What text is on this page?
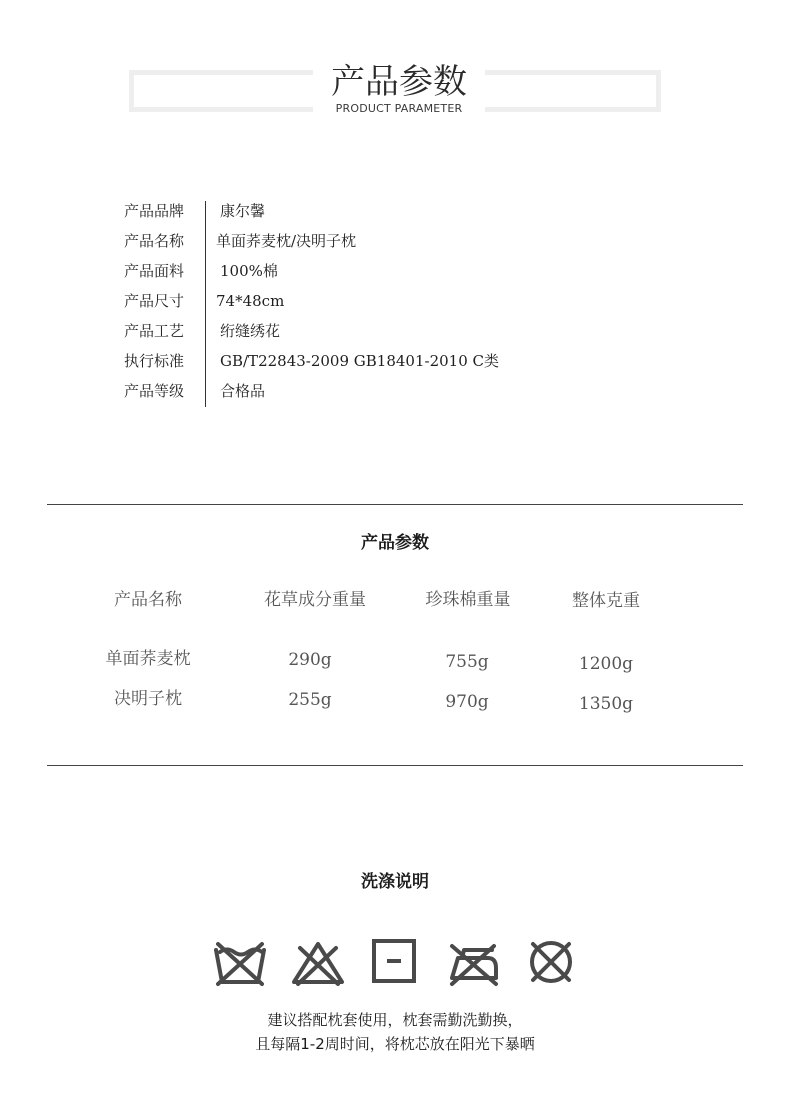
产品参数
PRODUCT PARAMETER
产品品牌 康尔馨
产品名称 单面荞麦枕/决明子枕
产品面料 100%棉
产品尺寸 74*48cm
产品工艺 绗缝绣花
执行标准 GB/T22843-2009 GB18401-2010 C类
产品等级 合格品
产品参数
产品名称	花草成分重量	珍珠棉重量	整体克重
单面荞麦枕	290g	755g	1200g
决明子枕	255g	970g	1350g
洗涤说明
建议搭配枕套使用，枕套需勤洗勤换，
且每隔1-2周时间，将枕芯放在阳光下暴晒
